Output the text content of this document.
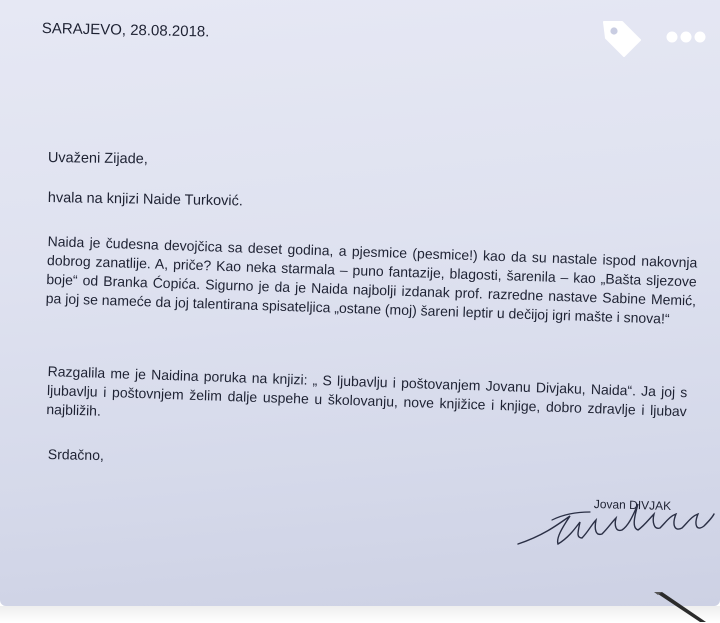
SARAJEVO, 28.08.2018.
Uvaženi Zijade,
hvala na knjizi Naide Turković.
Naida je čudesna devojčica sa deset godina, a pjesmice (pesmice!) kao da su nastale ispod nakovnja dobrog zanatlije. A, priče? Kao neka starmala – puno fantazije, blagosti, šarenila – kao „Bašta sljezove boje“ od Branka Ćopića. Sigurno je da je Naida najbolji izdanak prof. razredne nastave Sabine Memić, pa joj se nameće da joj talentirana spisateljica „ostane (moj) šareni leptir u dečijoj igri mašte i snova!“
Razgalila me je Naidina poruka na knjizi: „ S ljubavlju i poštovanjem Jovanu Divjaku, Naida“. Ja joj s ljubavlju i poštovnjem želim dalje uspehe u školovanju, nove knjižice i knjige, dobro zdravlje i ljubav najbližih.
Srdačno,
Jovan DIVJAK
